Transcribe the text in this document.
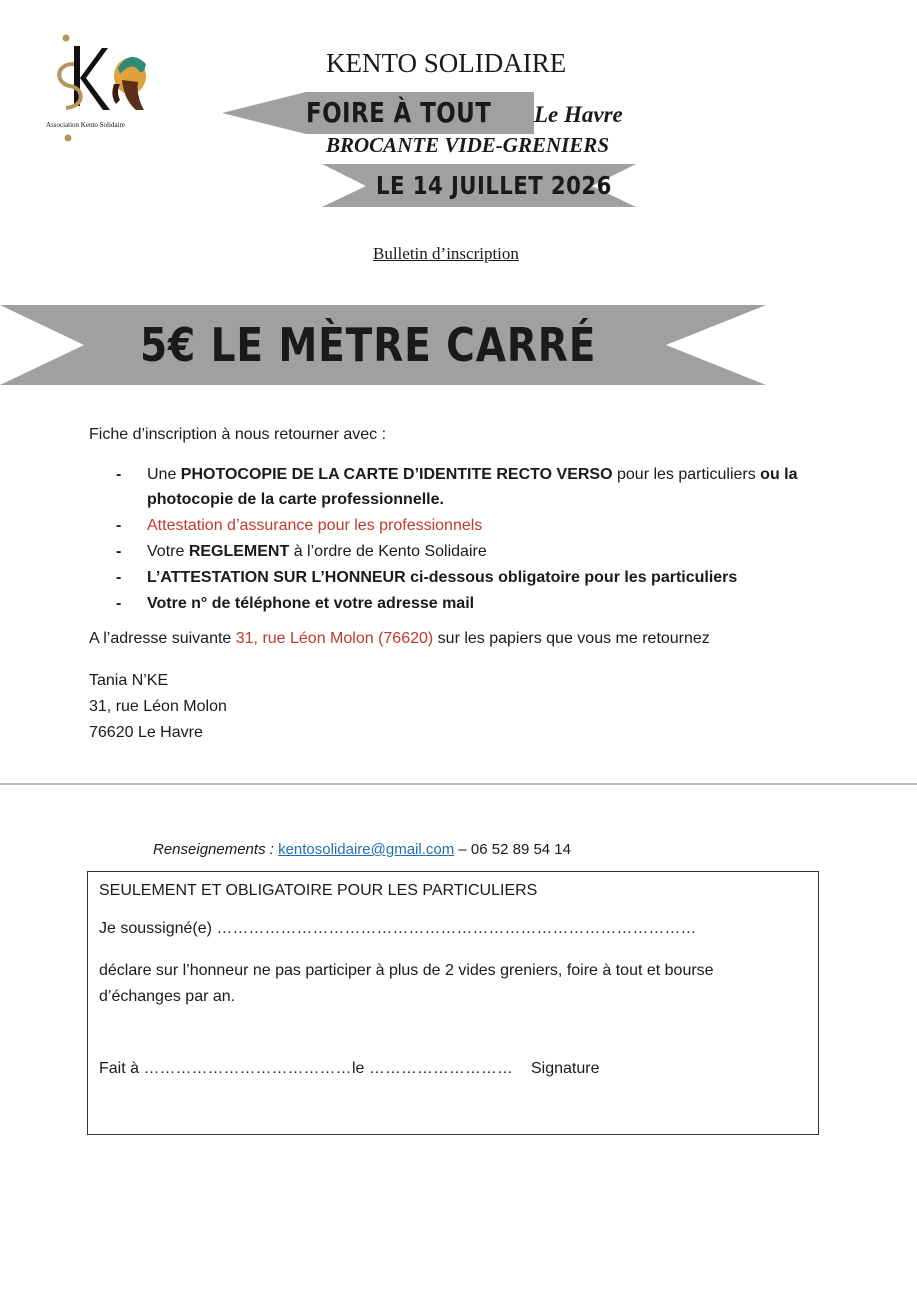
Association Kento Solidaire
KENTO SOLIDAIRE
FOIRE À TOUT Le Havre
BROCANTE VIDE-GRENIERS
LE 14 JUILLET 2026
Bulletin d’inscription
5€ LE MÈTRE CARRÉ
Fiche d’inscription à nous retourner avec :
- Une PHOTOCOPIE DE LA CARTE D’IDENTITE RECTO VERSO pour les particuliers ou la photocopie de la carte professionnelle.
- Attestation d’assurance pour les professionnels
- Votre REGLEMENT à l’ordre de Kento Solidaire
- L’ATTESTATION SUR L’HONNEUR ci-dessous obligatoire pour les particuliers
- Votre n° de téléphone et votre adresse mail
A l’adresse suivante 31, rue Léon Molon (76620) sur les papiers que vous me retournez
Tania N’KE
31, rue Léon Molon
76620 Le Havre
Renseignements : kentosolidaire@gmail.com – 06 52 89 54 14
SEULEMENT ET OBLIGATOIRE POUR LES PARTICULIERS
Je soussigné(e) ………………………………………………………………………………
déclare sur l’honneur ne pas participer à plus de 2 vides greniers, foire à tout et bourse d’échanges par an.
Fait à ………………………………… le ……………………… Signature
